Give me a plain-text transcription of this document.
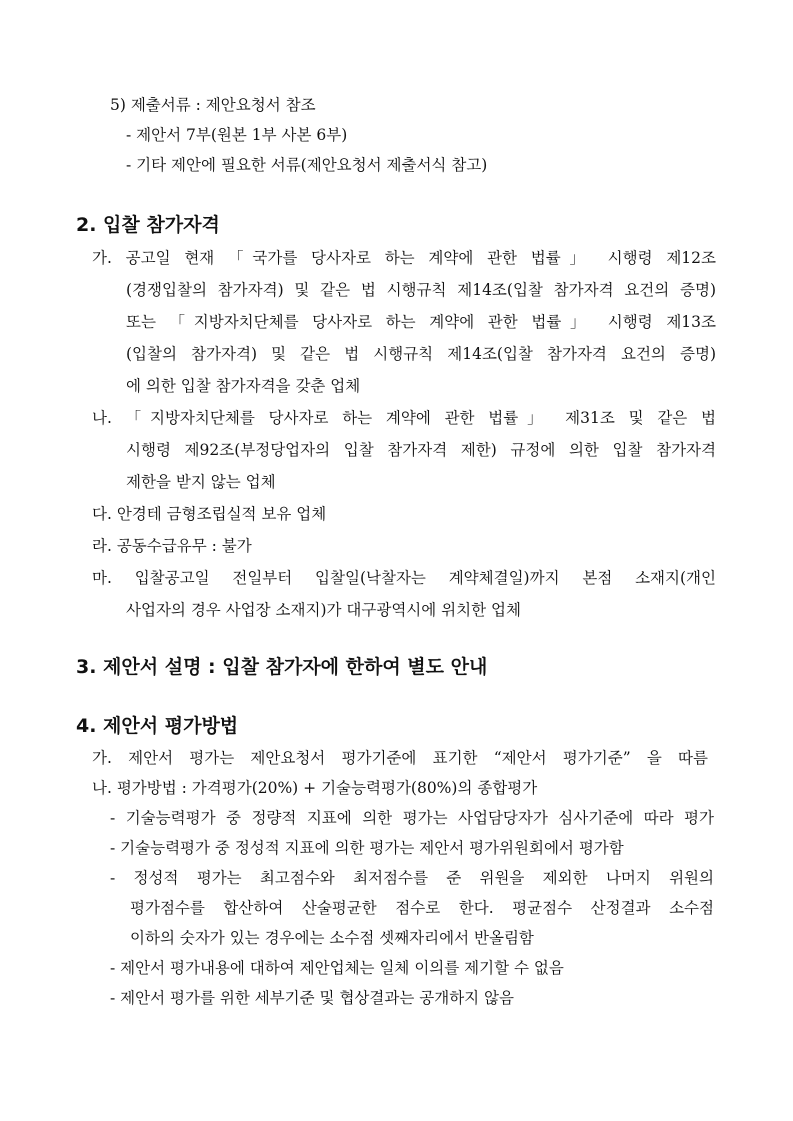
5) 제출서류 : 제안요청서 참조
- 제안서 7부(원본 1부 사본 6부)
- 기타 제안에 필요한 서류(제안요청서 제출서식 참고)
2. 입찰 참가자격
가. 공고일 현재 「국가를 당사자로 하는 계약에 관한 법률」 시행령 제12조
(경쟁입찰의 참가자격) 및 같은 법 시행규칙 제14조(입찰 참가자격 요건의 증명)
또는 「지방자치단체를 당사자로 하는 계약에 관한 법률」 시행령 제13조
(입찰의 참가자격) 및 같은 법 시행규칙 제14조(입찰 참가자격 요건의 증명)
에 의한 입찰 참가자격을 갖춘 업체
나. 「지방자치단체를 당사자로 하는 계약에 관한 법률」 제31조 및 같은 법
시행령 제92조(부정당업자의 입찰 참가자격 제한) 규정에 의한 입찰 참가자격
제한을 받지 않는 업체
다. 안경테 금형조립실적 보유 업체
라. 공동수급유무 : 불가
마. 입찰공고일 전일부터 입찰일(낙찰자는 계약체결일)까지 본점 소재지(개인
사업자의 경우 사업장 소재지)가 대구광역시에 위치한 업체
3. 제안서 설명 : 입찰 참가자에 한하여 별도 안내
4. 제안서 평가방법
가. 제안서 평가는 제안요청서 평가기준에 표기한 “제안서 평가기준” 을 따름
나. 평가방법 : 가격평가(20%) + 기술능력평가(80%)의 종합평가
- 기술능력평가 중 정량적 지표에 의한 평가는 사업담당자가 심사기준에 따라 평가
- 기술능력평가 중 정성적 지표에 의한 평가는 제안서 평가위원회에서 평가함
- 정성적 평가는 최고점수와 최저점수를 준 위원을 제외한 나머지 위원의
평가점수를 합산하여 산술평균한 점수로 한다. 평균점수 산정결과 소수점
이하의 숫자가 있는 경우에는 소수점 셋째자리에서 반올림함
- 제안서 평가내용에 대하여 제안업체는 일체 이의를 제기할 수 없음
- 제안서 평가를 위한 세부기준 및 협상결과는 공개하지 않음
